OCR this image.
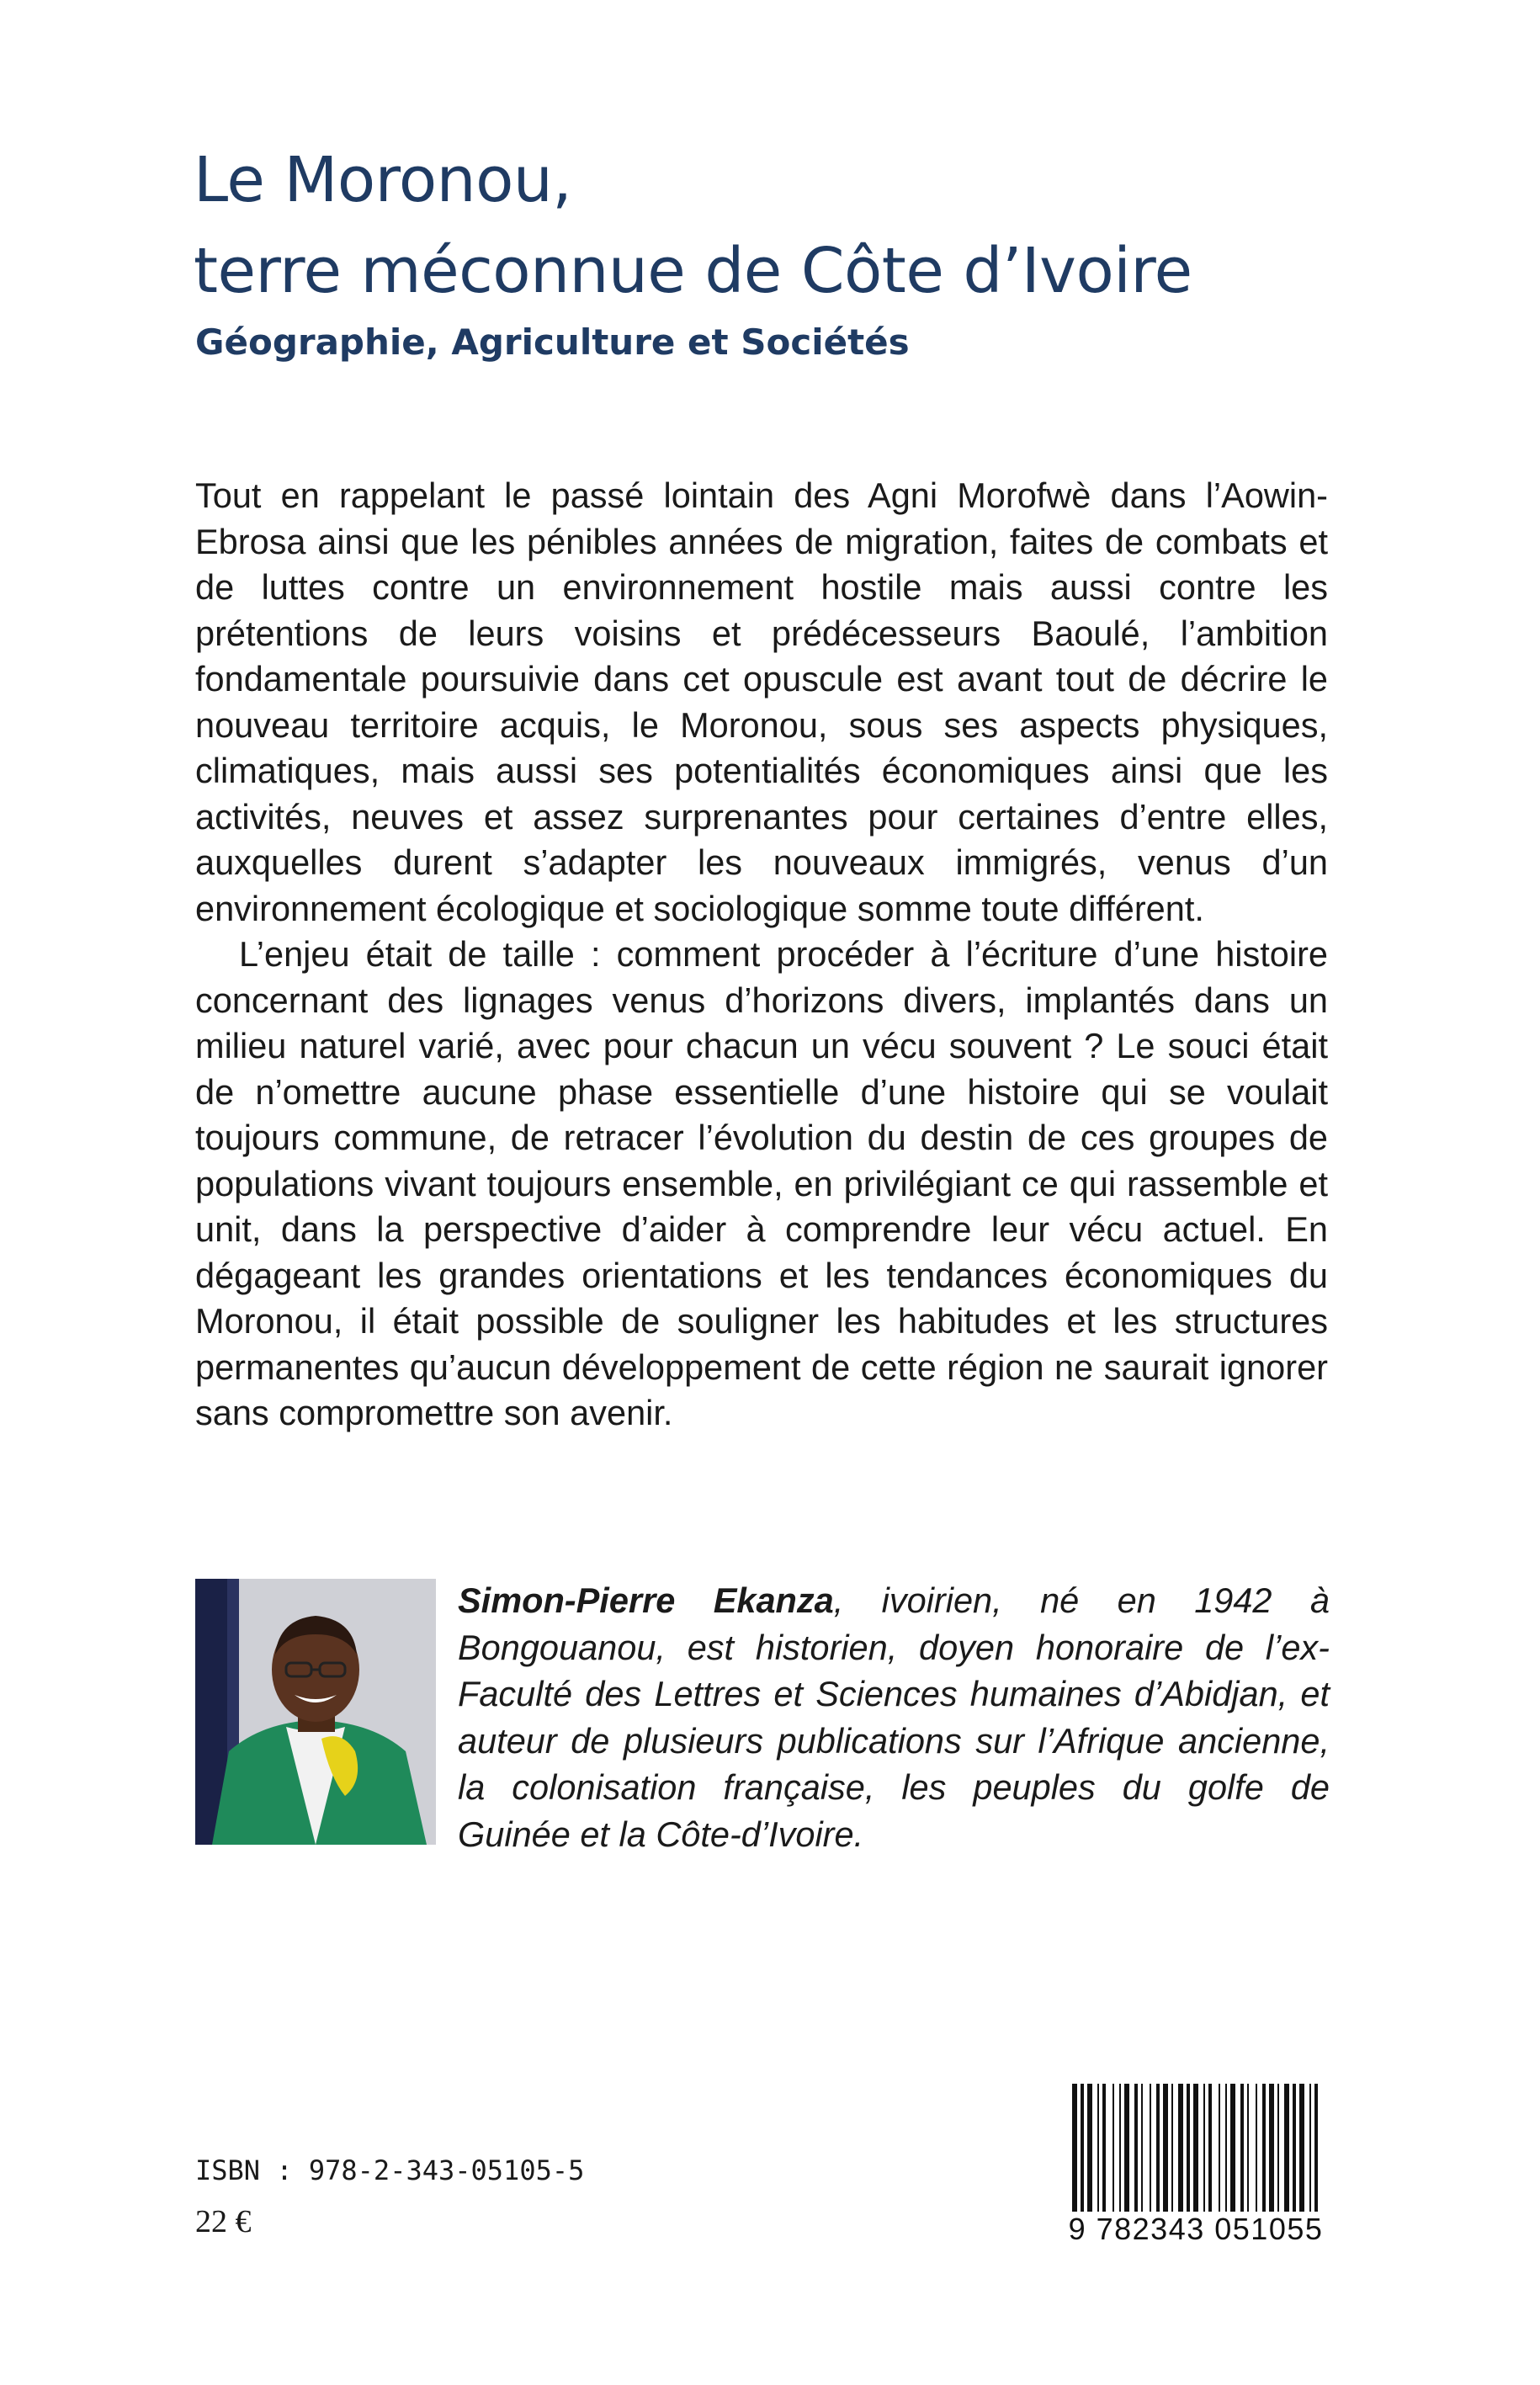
Le Moronou,
terre méconnue de Côte d’Ivoire
Géographie, Agriculture et Sociétés

Tout en rappelant le passé lointain des Agni Morofwè dans l’Aowin-Ebrosa ainsi que les pénibles années de migration, faites de combats et de luttes contre un environnement hostile mais aussi contre les prétentions de leurs voisins et prédécesseurs Baoulé, l’ambition fondamentale poursuivie dans cet opuscule est avant tout de décrire le nouveau territoire acquis, le Moronou, sous ses aspects physiques, climatiques, mais aussi ses potentialités économiques ainsi que les activités, neuves et assez surprenantes pour certaines d’entre elles, auxquelles durent s’adapter les nouveaux immigrés, venus d’un environnement écologique et sociologique somme toute différent.

L’enjeu était de taille : comment procéder à l’écriture d’une histoire concernant des lignages venus d’horizons divers, implantés dans un milieu naturel varié, avec pour chacun un vécu souvent ? Le souci était de n’omettre aucune phase essentielle d’une histoire qui se voulait toujours commune, de retracer l’évolution du destin de ces groupes de populations vivant toujours ensemble, en privilégiant ce qui rassemble et unit, dans la perspective d’aider à comprendre leur vécu actuel. En dégageant les grandes orientations et les tendances économiques du Moronou, il était possible de souligner les habitudes et les structures permanentes qu’aucun développement de cette région ne saurait ignorer sans compromettre son avenir.

Simon-Pierre Ekanza, ivoirien, né en 1942 à Bongouanou, est historien, doyen honoraire de l’ex-Faculté des Lettres et Sciences humaines d’Abidjan, et auteur de plusieurs publications sur l’Afrique ancienne, la colonisation française, les peuples du golfe de Guinée et la Côte-d’Ivoire.
ISBN : 978-2-343-05105-5
22 €	9 782343 051055
